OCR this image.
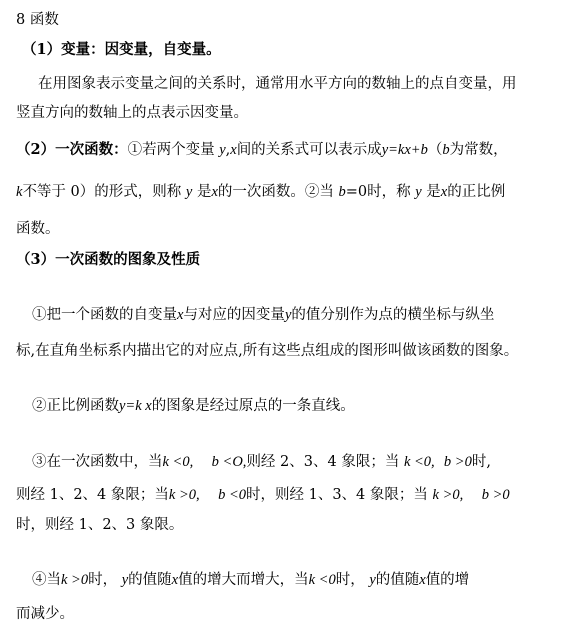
8 函数
（1）变量：因变量，自变量。
在用图象表示变量之间的关系时，通常用水平方向的数轴上的点自变量，用
竖直方向的数轴上的点表示因变量。
（2）一次函数：①若两个变量 y,x间的关系式可以表示成y=kx+b（b为常数，
k不等于 0）的形式，则称 y 是x的一次函数。②当 b=0时，称 y 是x的正比例
函数。
（3）一次函数的图象及性质
①把一个函数的自变量x与对应的因变量y的值分别作为点的横坐标与纵坐
标,在直角坐标系内描出它的对应点,所有这些点组成的图形叫做该函数的图象。
②正比例函数y=k x的图象是经过原点的一条直线。
③在一次函数中，当k <0, b <O,则经 2、3、4 象限；当 k <0, b >0时,
则经 1、2、4 象限；当k >0, b <0时，则经 1、3、4 象限；当 k >0, b >0
时，则经 1、2、3 象限。
④当k >0时， y的值随x值的增大而增大，当k <0时， y的值随x值的增
而减少。
